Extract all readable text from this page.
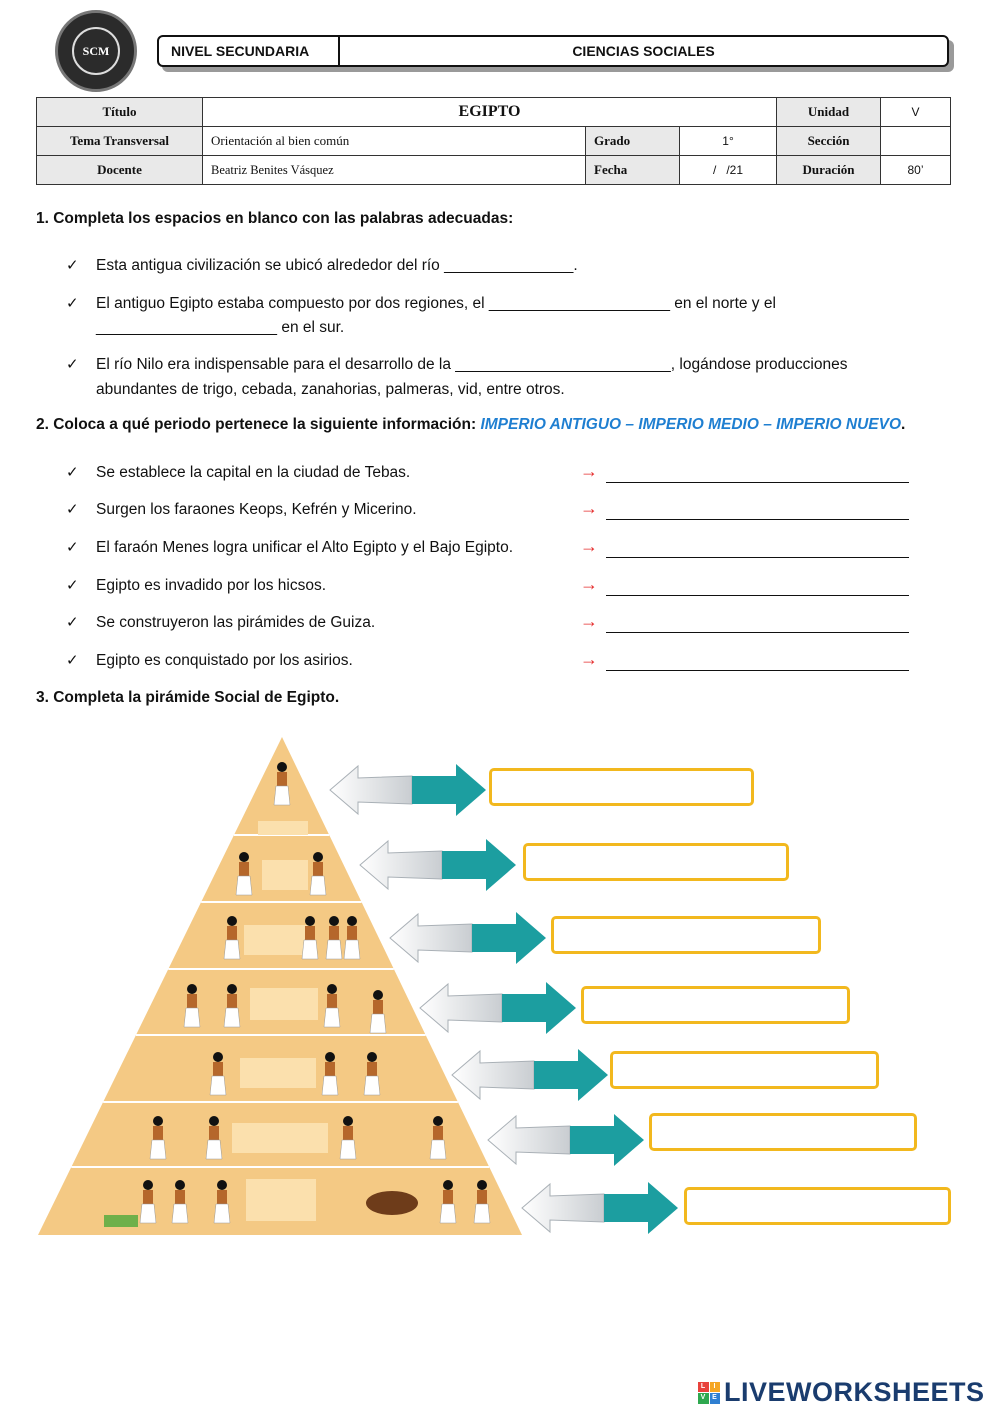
SCM	NIVEL SECUNDARIA	CIENCIAS SOCIALES
Título	EGIPTO			Unidad	V
Tema Transversal	Orientación al bien común	Grado	1°	Sección	
Docente	Beatriz Benites Vásquez	Fecha	/   /21	Duración	80’
1. Completa los espacios en blanco con las palabras adecuadas:
✓ Esta antigua civilización se ubicó alrededor del río _______________.
✓ El antiguo Egipto estaba compuesto por dos regiones, el _____________________ en el norte y el
_____________________ en el sur.
✓ El río Nilo era indispensable para el desarrollo de la _________________________, logándose producciones
abundantes de trigo, cebada, zanahorias, palmeras, vid, entre otros.
2. Coloca a qué periodo pertenece la siguiente información: IMPERIO ANTIGUO – IMPERIO MEDIO – IMPERIO NUEVO.
✓ Se establece la capital en la ciudad de Tebas.	→
✓ Surgen los faraones Keops, Kefrén y Micerino.	→
✓ El faraón Menes logra unificar el Alto Egipto y el Bajo Egipto.	→
✓ Egipto es invadido por los hicsos.	→
✓ Se construyeron las pirámides de Guiza.	→
✓ Egipto es conquistado por los asirios.	→
3. Completa la pirámide Social de Egipto.
L	I
V E LIVEWORKSHEETS
